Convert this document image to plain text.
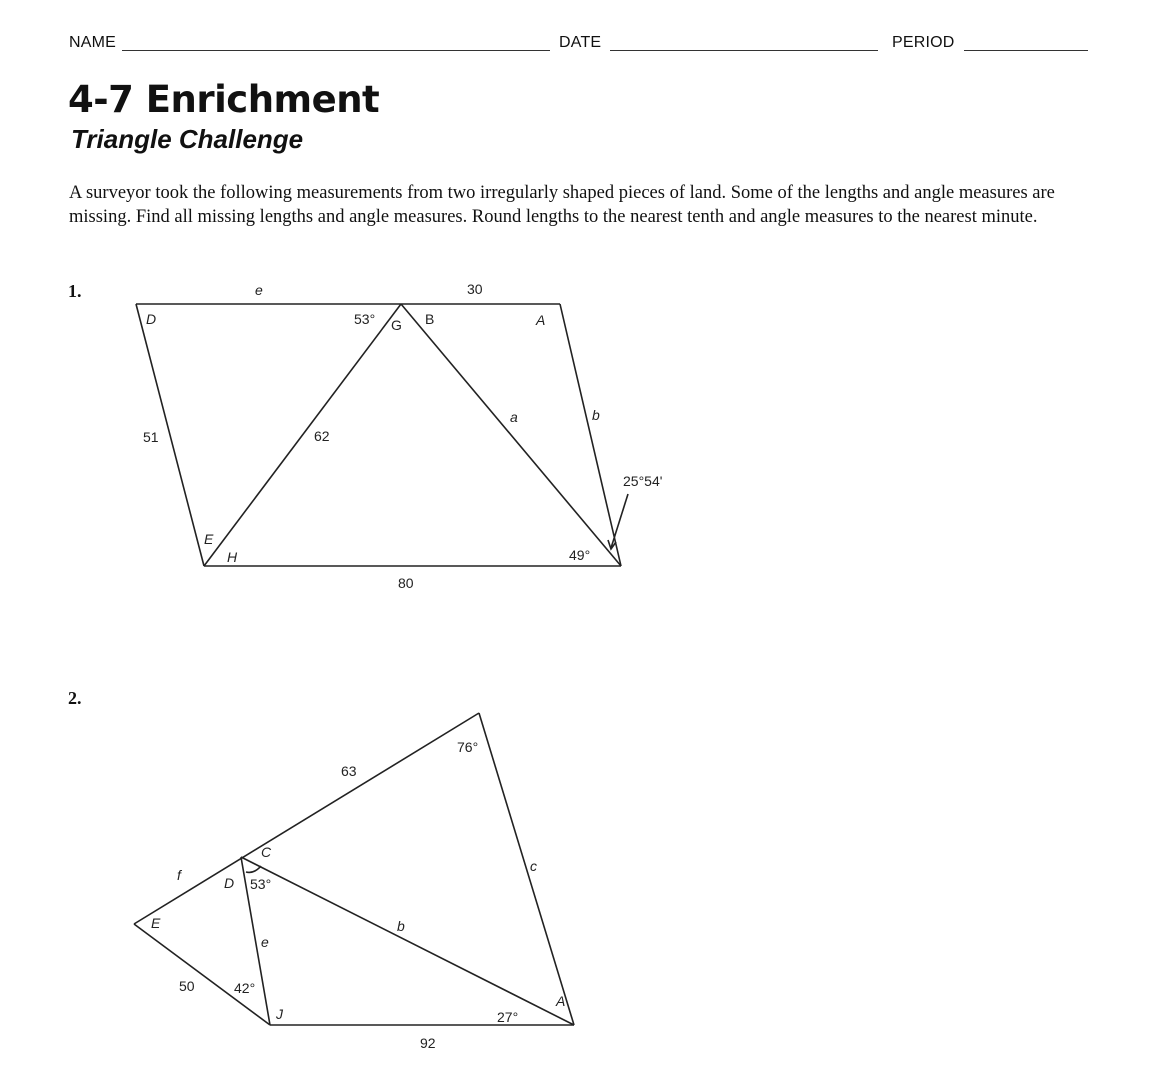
NAME	DATE	PERIOD
4-7 Enrichment
Triangle Challenge

A surveyor took the following measurements from two irregularly shaped pieces of land. Some of the lengths and angle measures are missing. Find all missing lengths and angle measures. Round lengths to the nearest tenth and angle measures to the nearest minute.

1.	e	30
D	53° G B	A
a	b
51	62
25°54'
E
H	49°
80
2.
76°
63
C
c
f	D 53°
E
e
b
50	42°
J
A
27°
92
